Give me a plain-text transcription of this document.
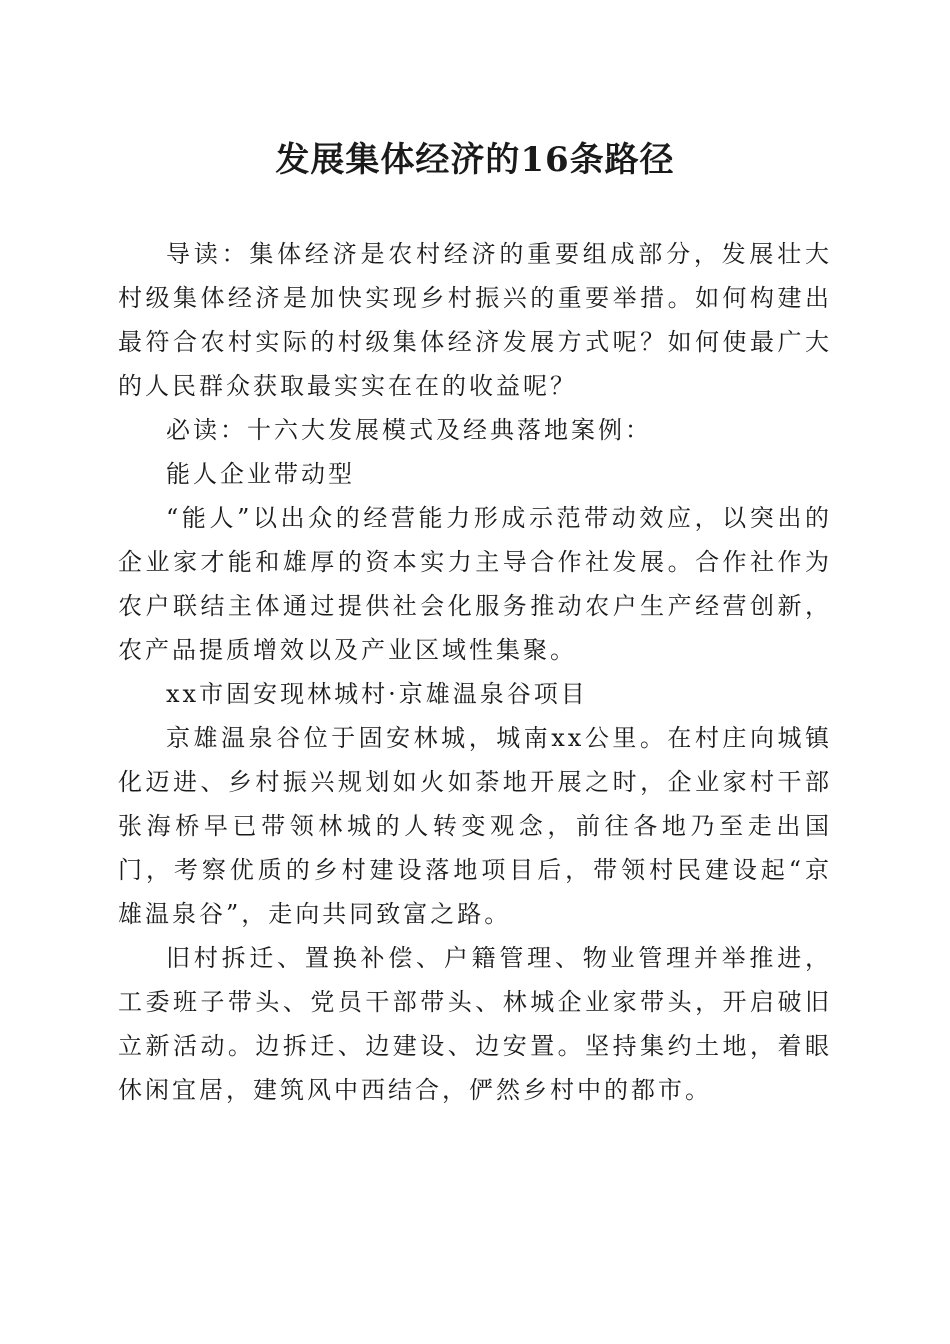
发展集体经济的16条路径

导读：集体经济是农村经济的重要组成部分，发展壮大村级集体经济是加快实现乡村振兴的重要举措。如何构建出最符合农村实际的村级集体经济发展方式呢？如何使最广大的人民群众获取最实实在在的收益呢？

必读：十六大发展模式及经典落地案例：

能人企业带动型

“能人”以出众的经营能力形成示范带动效应，以突出的企业家才能和雄厚的资本实力主导合作社发展。合作社作为农户联结主体通过提供社会化服务推动农户生产经营创新，农产品提质增效以及产业区域性集聚。

xx市固安现林城村·京雄温泉谷项目

京雄温泉谷位于固安林城，城南xx公里。在村庄向城镇化迈进、乡村振兴规划如火如荼地开展之时，企业家村干部张海桥早已带领林城的人转变观念，前往各地乃至走出国门，考察优质的乡村建设落地项目后，带领村民建设起“京雄温泉谷”，走向共同致富之路。

旧村拆迁、置换补偿、户籍管理、物业管理并举推进，工委班子带头、党员干部带头、林城企业家带头，开启破旧立新活动。边拆迁、边建设、边安置。坚持集约土地，着眼休闲宜居，建筑风中西结合，俨然乡村中的都市。
